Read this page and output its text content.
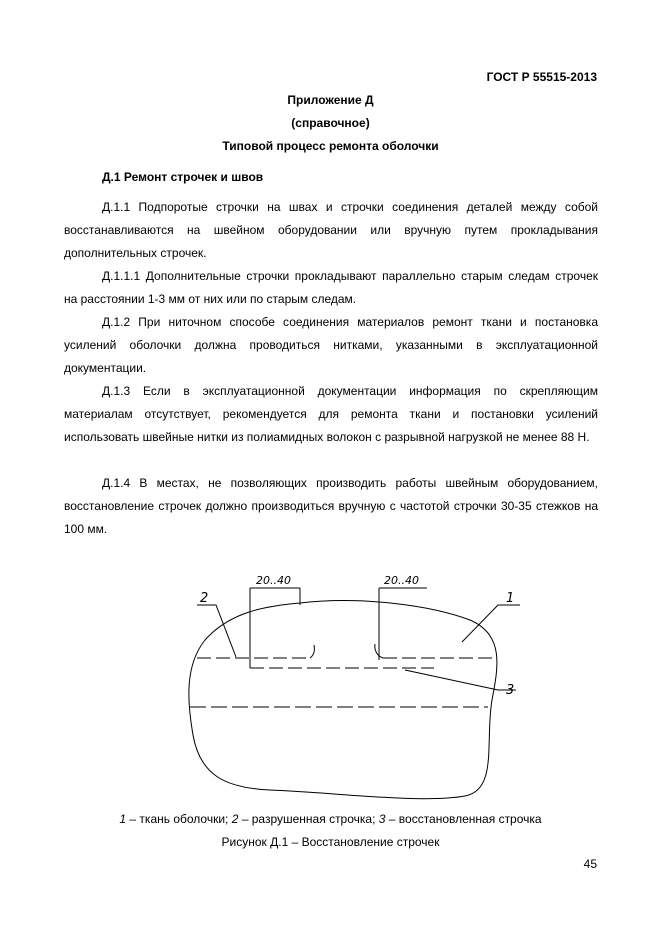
ГОСТ Р 55515-2013
Приложение Д
(справочное)
Типовой процесс ремонта оболочки
Д.1 Ремонт строчек и швов
Д.1.1 Подпоротые строчки на швах и строчки соединения деталей между собой восстанавливаются на швейном оборудовании или вручную путем прокладывания дополнительных строчек.
Д.1.1.1 Дополнительные строчки прокладывают параллельно старым следам строчек на расстоянии 1-3 мм от них или по старым следам.
Д.1.2 При ниточном способе соединения материалов ремонт ткани и постановка усилений оболочки должна проводиться нитками, указанными в эксплуатационной документации.
Д.1.3 Если в эксплуатационной документации информация по скрепляющим материалам отсутствует, рекомендуется для ремонта ткани и постановки усилений использовать швейные нитки из полиамидных волокон с разрывной нагрузкой не менее 88 Н.
Д.1.4 В местах, не позволяющих производить работы швейным оборудованием, восстановление строчек должно производиться вручную с частотой строчки 30-35 стежков на 100 мм.
20..40	20..40
2	1
3
1 – ткань оболочки; 2 – разрушенная строчка; 3 – восстановленная строчка
Рисунок Д.1 – Восстановление строчек
45
